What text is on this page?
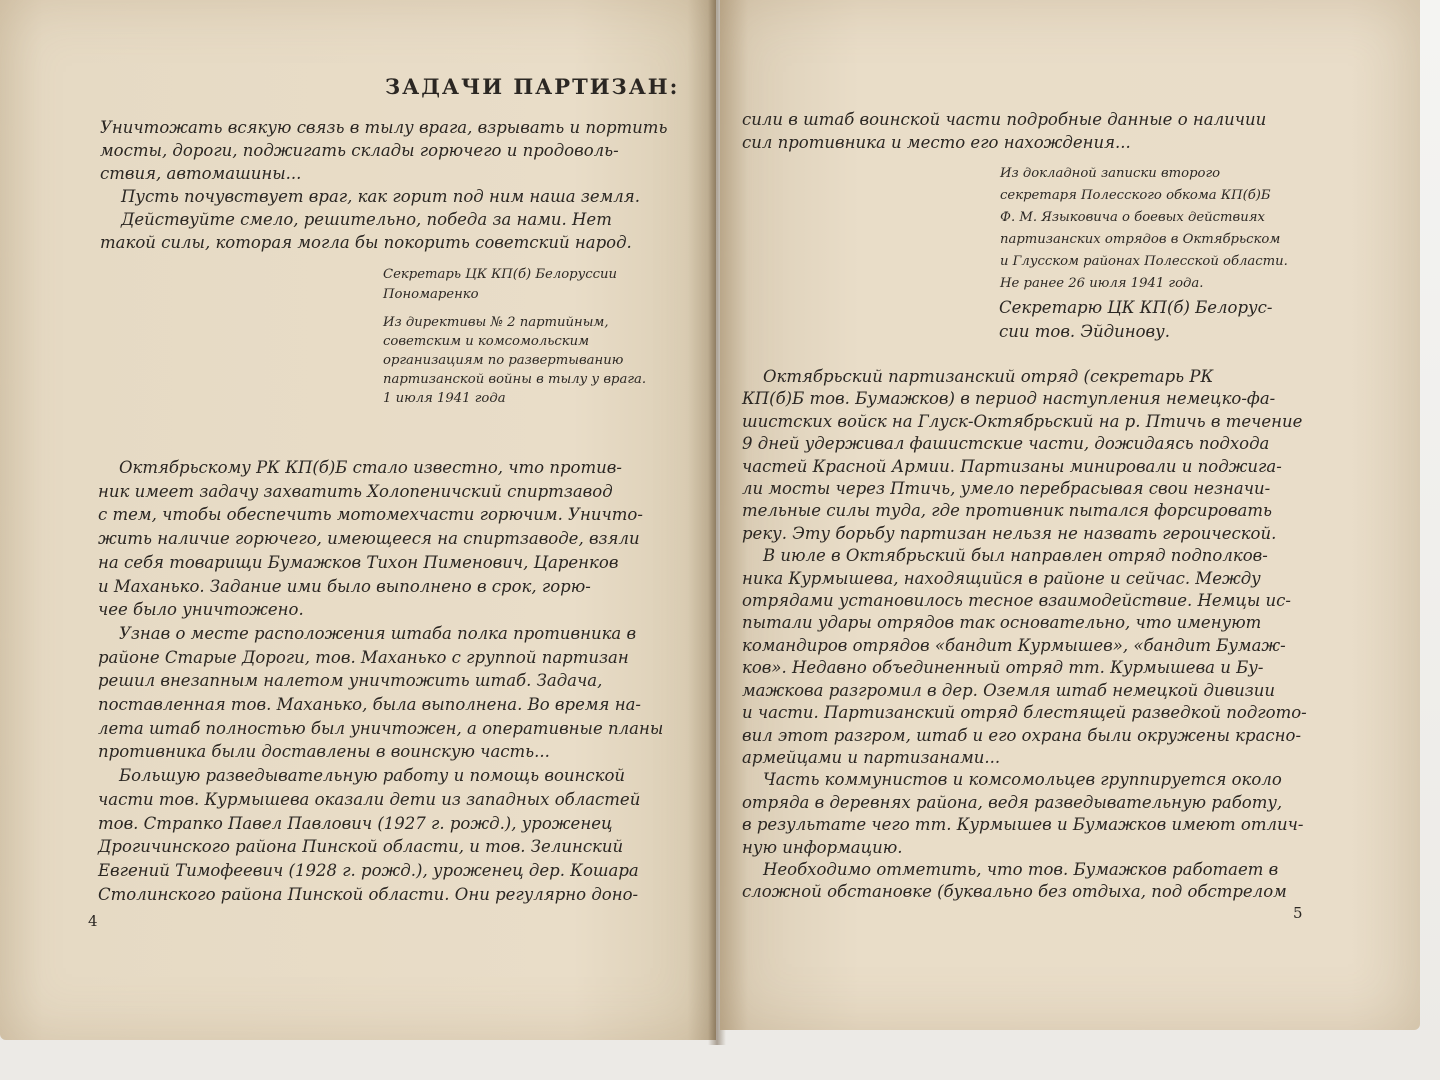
ЗАДАЧИ ПАРТИЗАН:
Уничтожать всякую связь в тылу врага, взрывать и портить
мосты, дороги, поджигать склады горючего и продоволь-
ствия, автомашины...
Пусть почувствует враг, как горит под ним наша земля.
Действуйте смело, решительно, победа за нами. Нет
такой силы, которая могла бы покорить советский народ.
Секретарь ЦК КП(б) Белоруссии
Пономаренко
Из директивы № 2 партийным,
советским и комсомольским
организациям по развертыванию
партизанской войны в тылу у врага.
1 июля 1941 года
Октябрьскому РК КП(б)Б стало известно, что против-
ник имеет задачу захватить Холопеничский спиртзавод
с тем, чтобы обеспечить мотомехчасти горючим. Уничто-
жить наличие горючего, имеющееся на спиртзаводе, взяли
на себя товарищи Бумажков Тихон Пименович, Царенков
и Маханько. Задание ими было выполнено в срок, горю-
чее было уничтожено.
Узнав о месте расположения штаба полка противника в
районе Старые Дороги, тов. Маханько с группой партизан
решил внезапным налетом уничтожить штаб. Задача,
поставленная тов. Маханько, была выполнена. Во время на-
лета штаб полностью был уничтожен, а оперативные планы
противника были доставлены в воинскую часть...
Большую разведывательную работу и помощь воинской
части тов. Курмышева оказали дети из западных областей
тов. Страпко Павел Павлович (1927 г. рожд.), уроженец
Дрогичинского района Пинской области, и тов. Зелинский
Евгений Тимофеевич (1928 г. рожд.), уроженец дер. Кошара
Столинского района Пинской области. Они регулярно доно-
4
сили в штаб воинской части подробные данные о наличии
сил противника и место его нахождения...
Из докладной записки второго
секретаря Полесского обкома КП(б)Б
Ф. М. Языковича о боевых действиях
партизанских отрядов в Октябрьском
и Глусском районах Полесской области.
Не ранее 26 июля 1941 года.
Секретарю ЦК КП(б) Белорус-
сии тов. Эйдинову.
Октябрьский партизанский отряд (секретарь РК
КП(б)Б тов. Бумажков) в период наступления немецко-фа-
шистских войск на Глуск-Октябрьский на р. Птичь в течение
9 дней удерживал фашистские части, дожидаясь подхода
частей Красной Армии. Партизаны минировали и поджига-
ли мосты через Птичь, умело перебрасывая свои незначи-
тельные силы туда, где противник пытался форсировать
реку. Эту борьбу партизан нельзя не назвать героической.
В июле в Октябрьский был направлен отряд подполков-
ника Курмышева, находящийся в районе и сейчас. Между
отрядами установилось тесное взаимодействие. Немцы ис-
пытали удары отрядов так основательно, что именуют
командиров отрядов «бандит Курмышев», «бандит Бумаж-
ков». Недавно объединенный отряд тт. Курмышева и Бу-
мажкова разгромил в дер. Оземля штаб немецкой дивизии
и части. Партизанский отряд блестящей разведкой подгото-
вил этот разгром, штаб и его охрана были окружены красно-
армейцами и партизанами...
Часть коммунистов и комсомольцев группируется около
отряда в деревнях района, ведя разведывательную работу,
в результате чего тт. Курмышев и Бумажков имеют отлич-
ную информацию.
Необходимо отметить, что тов. Бумажков работает в
сложной обстановке (буквально без отдыха, под обстрелом
5
